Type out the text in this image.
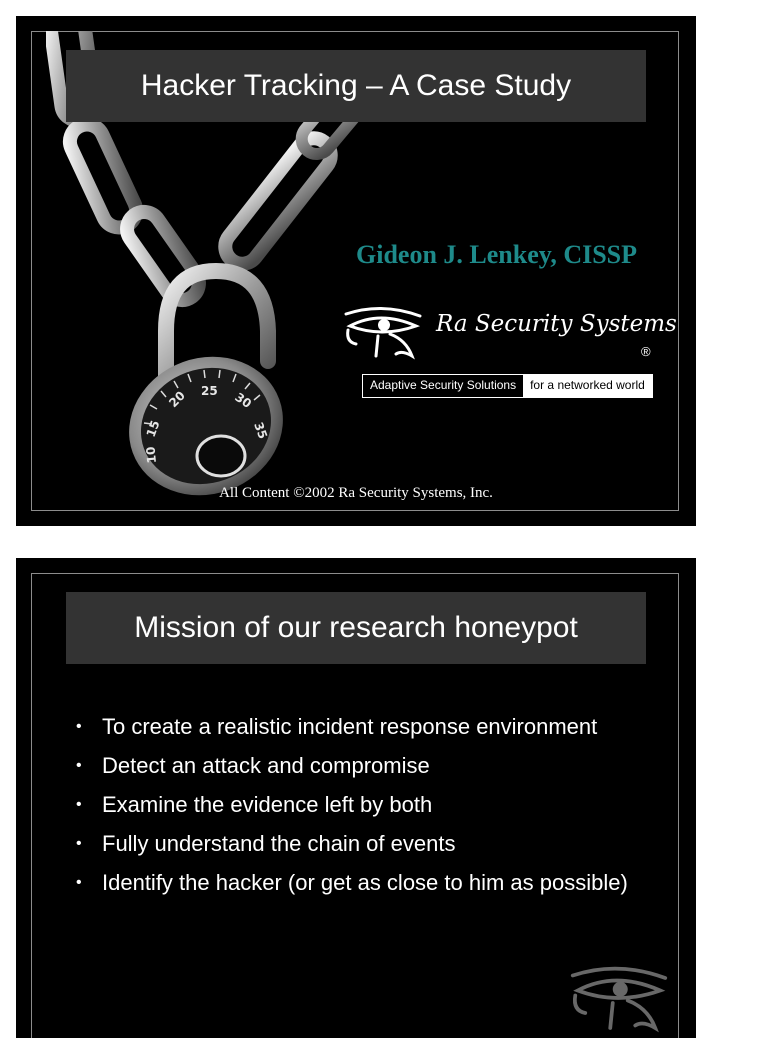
15
20 25 30
35
10
Hacker Tracking – A Case Study
Gideon J. Lenkey, CISSP
Ra Security Systems
®
Adaptive Security Solutions	for a networked world
All Content ©2002 Ra Security Systems, Inc.
Mission of our research honeypot
• To create a realistic incident response environment
• Detect an attack and compromise
• Examine the evidence left by both
• Fully understand the chain of events
• Identify the hacker (or get as close to him as possible)
